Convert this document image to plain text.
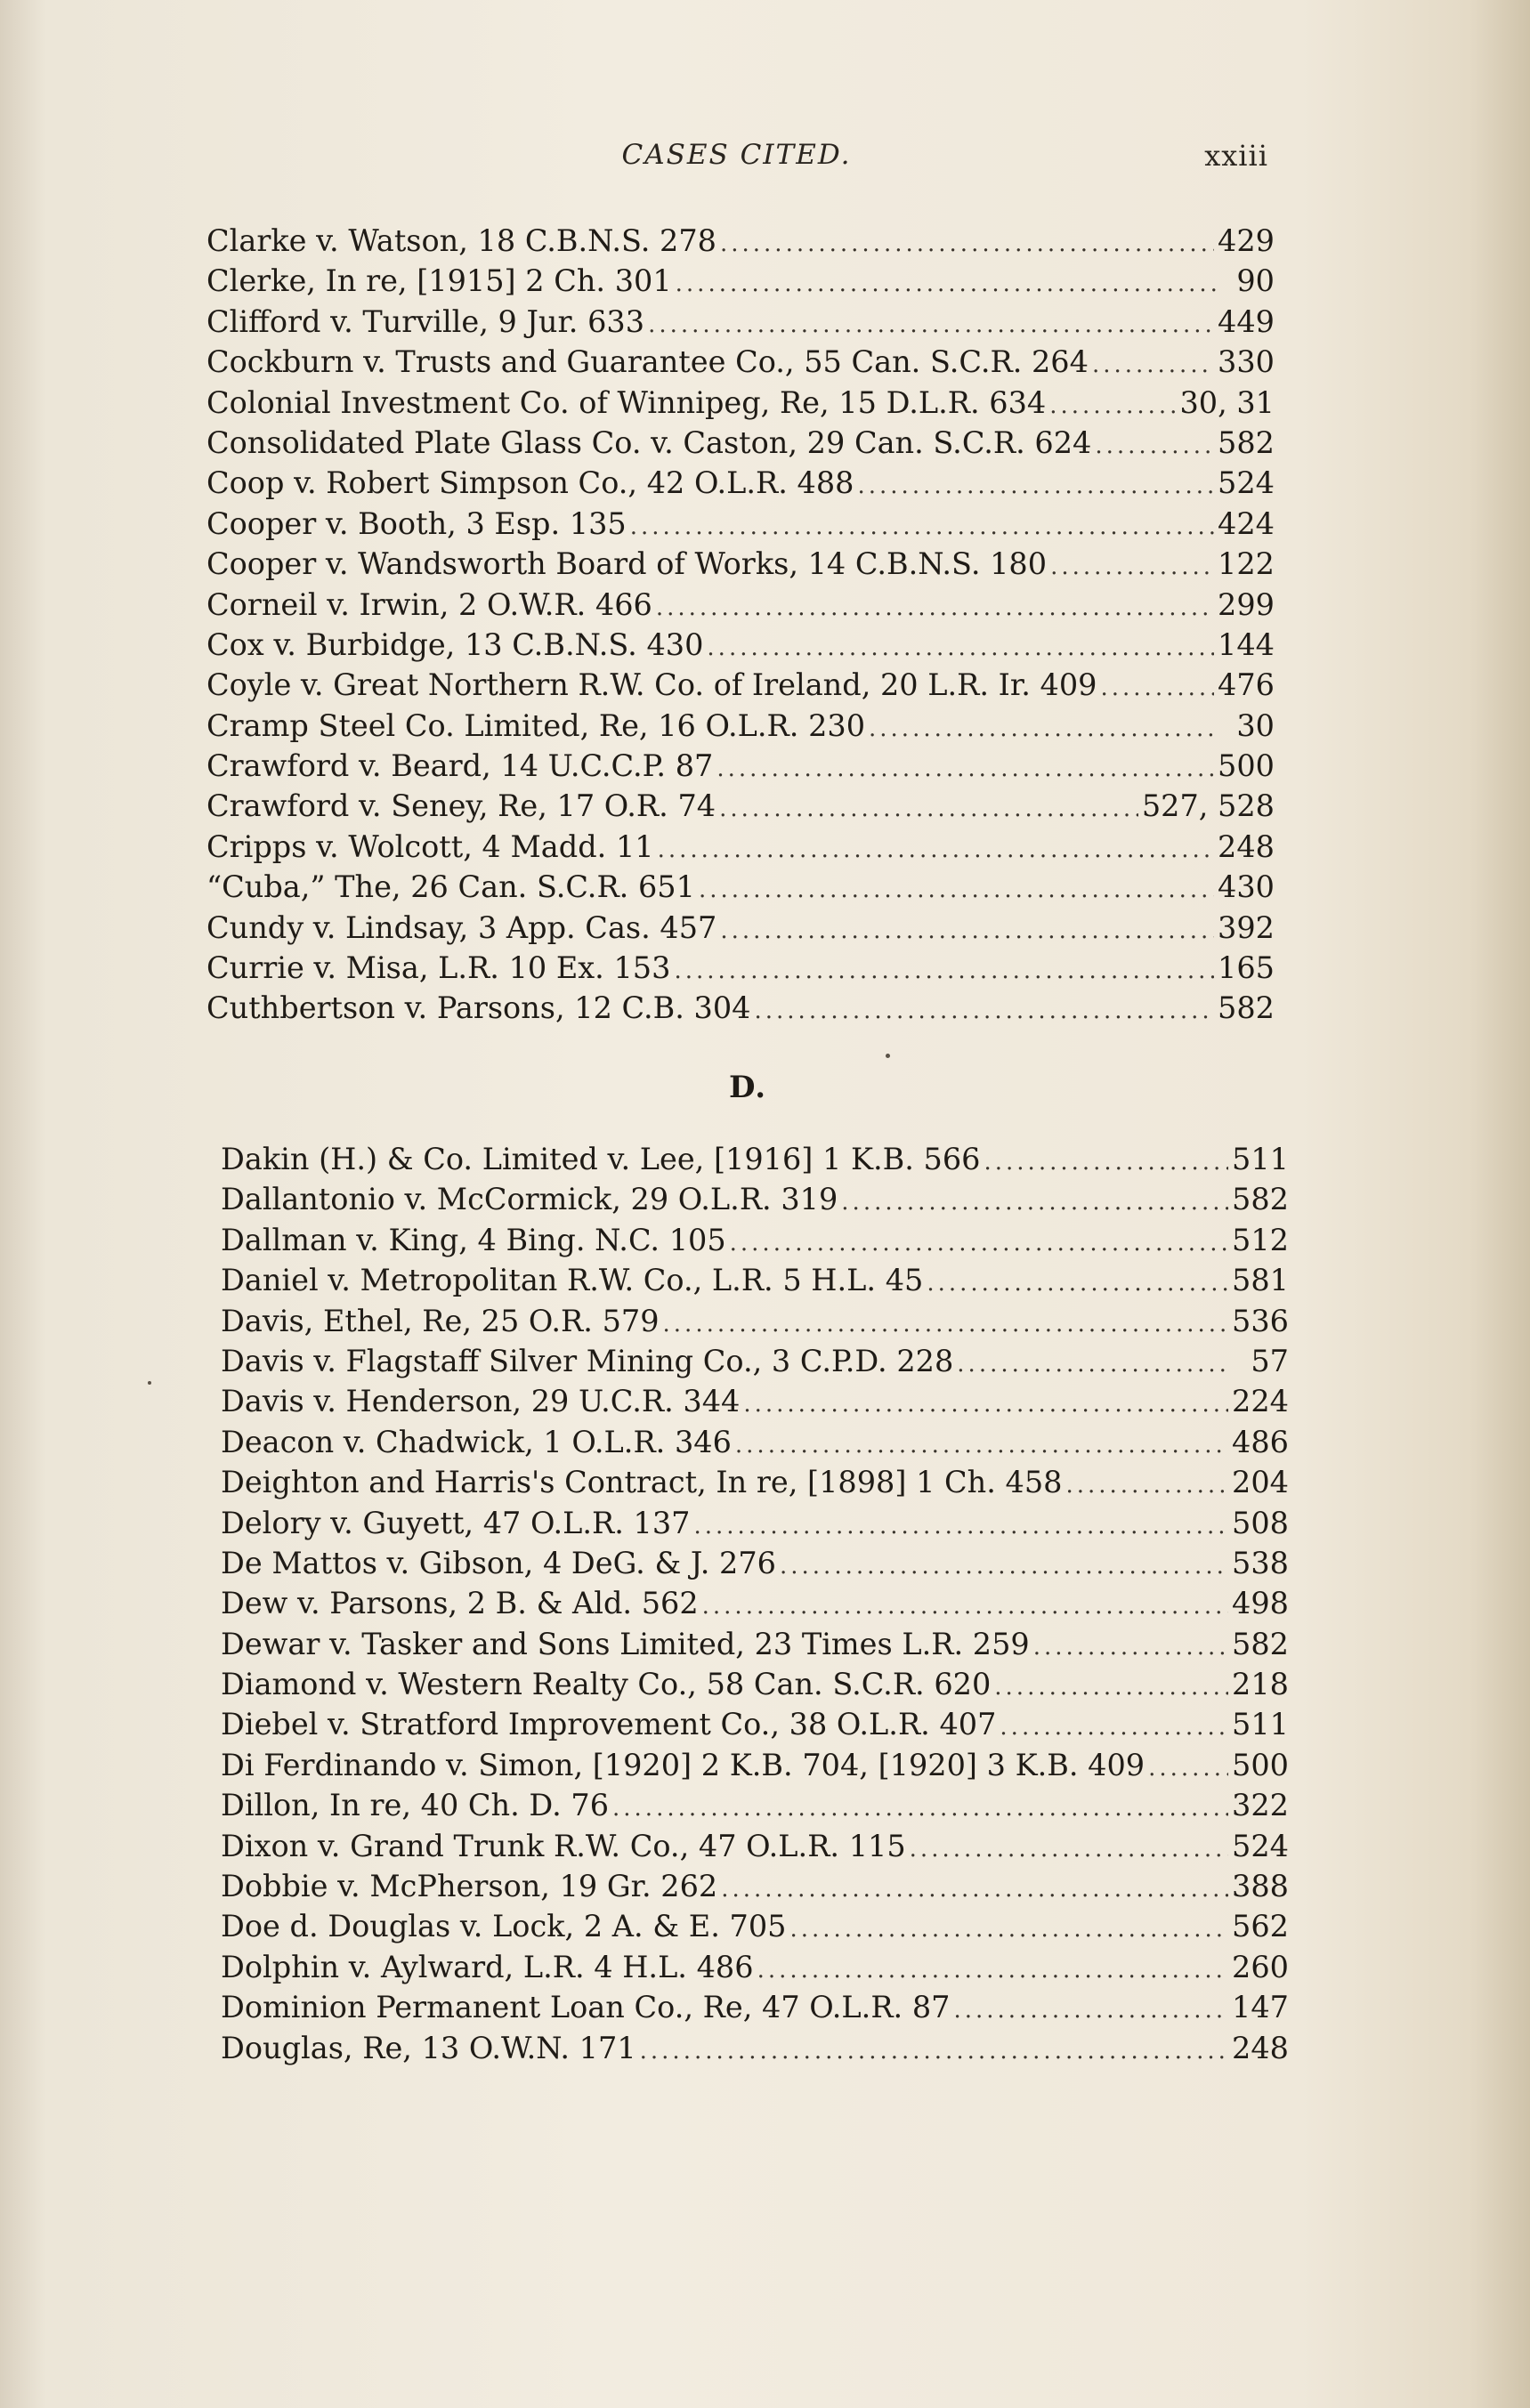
CASES CITED.	xxiii
Clarke v. Watson, 18 C.B.N.S. 278 .....	429
Clerke, In re, [1915] 2 Ch. 301 .....	90
Clifford v. Turville, 9 Jur. 633 .....	449
Cockburn v. Trusts and Guarantee Co., 55 Can. S.C.R. 264 .....	330
Colonial Investment Co. of Winnipeg, Re, 15 D.L.R. 634 .....	30, 31
Consolidated Plate Glass Co. v. Caston, 29 Can. S.C.R. 624 .....	582
Coop v. Robert Simpson Co., 42 O.L.R. 488 .....	524
Cooper v. Booth, 3 Esp. 135 .....	424
Cooper v. Wandsworth Board of Works, 14 C.B.N.S. 180 .....	122
Corneil v. Irwin, 2 O.W.R. 466 .....	299
Cox v. Burbidge, 13 C.B.N.S. 430 .....	144
Coyle v. Great Northern R.W. Co. of Ireland, 20 L.R. Ir. 409 .....	476
Cramp Steel Co. Limited, Re, 16 O.L.R. 230 .....	30
Crawford v. Beard, 14 U.C.C.P. 87 .....	500
Crawford v. Seney, Re, 17 O.R. 74 .....	527, 528
Cripps v. Wolcott, 4 Madd. 11 .....	248
“Cuba,” The, 26 Can. S.C.R. 651 .....	430
Cundy v. Lindsay, 3 App. Cas. 457 .....	392
Currie v. Misa, L.R. 10 Ex. 153 .....	165
Cuthbertson v. Parsons, 12 C.B. 304 .....	582
D.
Dakin (H.) & Co. Limited v. Lee, [1916] 1 K.B. 566 .....	511
Dallantonio v. McCormick, 29 O.L.R. 319 .....	582
Dallman v. King, 4 Bing. N.C. 105 .....	512
Daniel v. Metropolitan R.W. Co., L.R. 5 H.L. 45 .....	581
Davis, Ethel, Re, 25 O.R. 579 .....	536
Davis v. Flagstaff Silver Mining Co., 3 C.P.D. 228 .....	57
Davis v. Henderson, 29 U.C.R. 344 .....	224
Deacon v. Chadwick, 1 O.L.R. 346 .....	486
Deighton and Harris's Contract, In re, [1898] 1 Ch. 458 .....	204
Delory v. Guyett, 47 O.L.R. 137 .....	508
De Mattos v. Gibson, 4 DeG. & J. 276 .....	538
Dew v. Parsons, 2 B. & Ald. 562 .....	498
Dewar v. Tasker and Sons Limited, 23 Times L.R. 259 .....	582
Diamond v. Western Realty Co., 58 Can. S.C.R. 620 .....	218
Diebel v. Stratford Improvement Co., 38 O.L.R. 407 .....	511
Di Ferdinando v. Simon, [1920] 2 K.B. 704, [1920] 3 K.B. 409 .....	500
Dillon, In re, 40 Ch. D. 76 .....	322
Dixon v. Grand Trunk R.W. Co., 47 O.L.R. 115 .....	524
Dobbie v. McPherson, 19 Gr. 262 .....	388
Doe d. Douglas v. Lock, 2 A. & E. 705 .....	562
Dolphin v. Aylward, L.R. 4 H.L. 486 .....	260
Dominion Permanent Loan Co., Re, 47 O.L.R. 87 .....	147
Douglas, Re, 13 O.W.N. 171 .....	248
